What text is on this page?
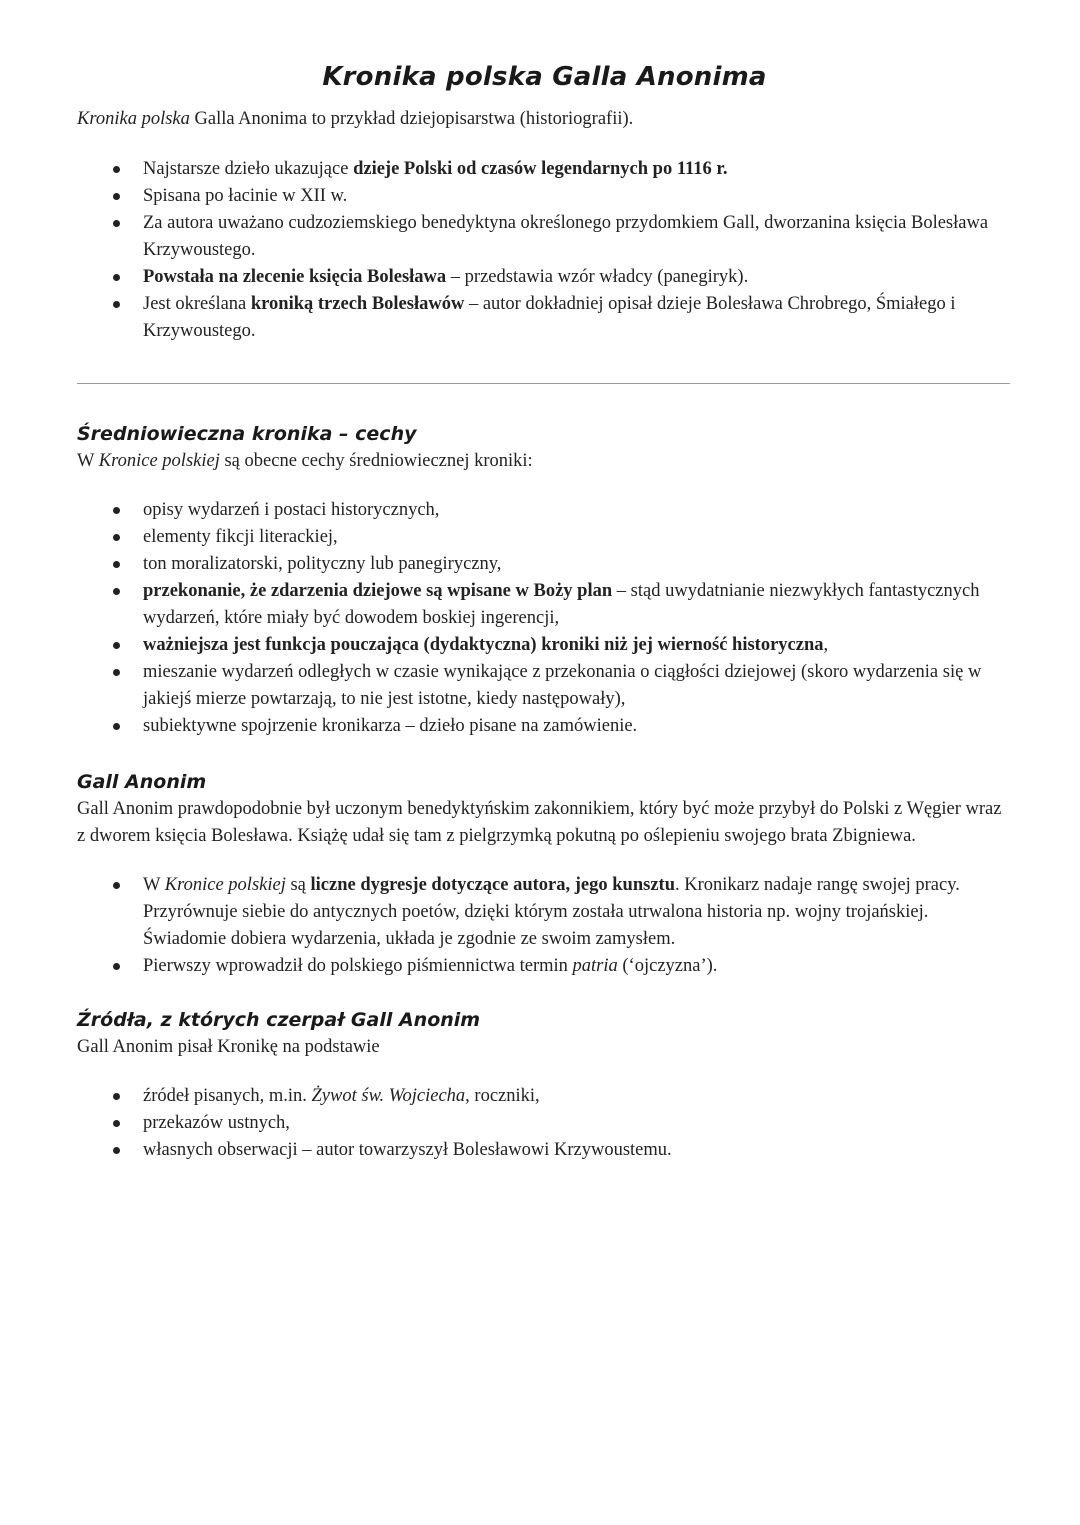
Kronika polska Galla Anonima

Kronika polska Galla Anonima to przykład dziejopisarstwa (historiografii).

Najstarsze dzieło ukazujące dzieje Polski od czasów legendarnych po 1116 r.
Spisana po łacinie w XII w.
Za autora uważano cudzoziemskiego benedyktyna określonego przydomkiem Gall, dworzanina księcia Bolesława Krzywoustego.
Powstała na zlecenie księcia Bolesława – przedstawia wzór władcy (panegiryk).
Jest określana kroniką trzech Bolesławów – autor dokładniej opisał dzieje Bolesława Chrobrego, Śmiałego i Krzywoustego.
Średniowieczna kronika – cechy

W Kronice polskiej są obecne cechy średniowiecznej kroniki:

opisy wydarzeń i postaci historycznych,
elementy fikcji literackiej,
ton moralizatorski, polityczny lub panegiryczny,
przekonanie, że zdarzenia dziejowe są wpisane w Boży plan – stąd uwydatnianie niezwykłych fantastycznych wydarzeń, które miały być dowodem boskiej ingerencji,
ważniejsza jest funkcja pouczająca (dydaktyczna) kroniki niż jej wierność historyczna,
mieszanie wydarzeń odległych w czasie wynikające z przekonania o ciągłości dziejowej (skoro wydarzenia się w jakiejś mierze powtarzają, to nie jest istotne, kiedy następowały),
subiektywne spojrzenie kronikarza – dzieło pisane na zamówienie.
Gall Anonim

Gall Anonim prawdopodobnie był uczonym benedyktyńskim zakonnikiem, który być może przybył do Polski z Węgier wraz z dworem księcia Bolesława. Książę udał się tam z pielgrzymką pokutną po oślepieniu swojego brata Zbigniewa.

W Kronice polskiej są liczne dygresje dotyczące autora, jego kunsztu. Kronikarz nadaje rangę swojej pracy. Przyrównuje siebie do antycznych poetów, dzięki którym została utrwalona historia np. wojny trojańskiej. Świadomie dobiera wydarzenia, układa je zgodnie ze swoim zamysłem.
Pierwszy wprowadził do polskiego piśmiennictwa termin patria (‘ojczyzna’).
Źródła, z których czerpał Gall Anonim

Gall Anonim pisał Kronikę na podstawie

źródeł pisanych, m.in. Żywot św. Wojciecha, roczniki,
przekazów ustnych,
własnych obserwacji – autor towarzyszył Bolesławowi Krzywoustemu.
